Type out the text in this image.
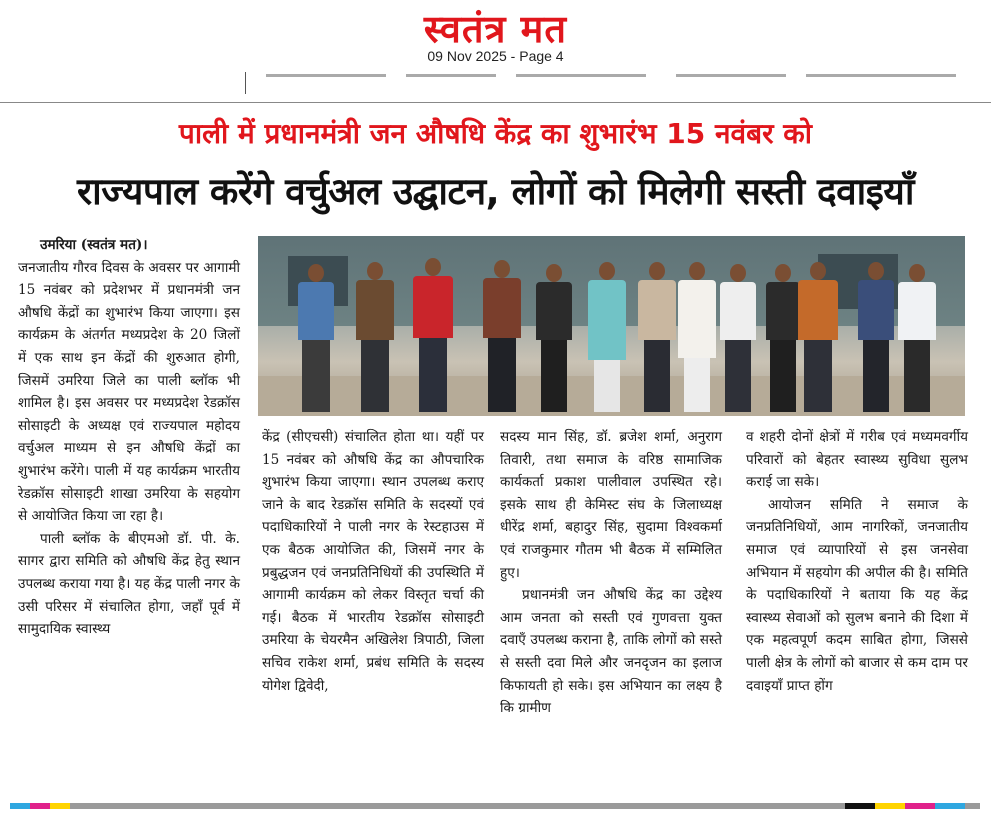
स्वतंत्र मत
09 Nov 2025 - Page 4
पाली में प्रधानमंत्री जन औषधि केंद्र का शुभारंभ 15 नवंबर को
राज्यपाल करेंगे वर्चुअल उद्घाटन, लोगों को मिलेगी सस्ती दवाइयाँ

उमरिया (स्वतंत्र मत)।

जनजातीय गौरव दिवस के अवसर पर आगामी 15 नवंबर को प्रदेशभर में प्रधानमंत्री जन औषधि केंद्रों का शुभारंभ किया जाएगा। इस कार्यक्रम के अंतर्गत मध्यप्रदेश के 20 जिलों में एक साथ इन केंद्रों की शुरुआत होगी, जिसमें उमरिया जिले का पाली ब्लॉक भी शामिल है। इस अवसर पर मध्यप्रदेश रेडक्रॉस सोसाइटी के अध्यक्ष एवं राज्यपाल महोदय वर्चुअल माध्यम से इन औषधि केंद्रों का शुभारंभ करेंगे। पाली में यह कार्यक्रम भारतीय रेडक्रॉस सोसाइटी शाखा उमरिया के सहयोग से आयोजित किया जा रहा है।

पाली ब्लॉक के बीएमओ डॉ. पी. के. सागर द्वारा समिति को औषधि केंद्र हेतु स्थान उपलब्ध कराया गया है। यह केंद्र पाली नगर के उसी परिसर में संचालित होगा, जहाँ पूर्व में सामुदायिक स्वास्थ्य

केंद्र (सीएचसी) संचालित होता था। यहीं पर 15 नवंबर को औषधि केंद्र का औपचारिक शुभारंभ किया जाएगा। स्थान उपलब्ध कराए जाने के बाद रेडक्रॉस समिति के सदस्यों एवं पदाधिकारियों ने पाली नगर के रेस्टहाउस में एक बैठक आयोजित की, जिसमें नगर के प्रबुद्धजन एवं जनप्रतिनिधियों की उपस्थिति में आगामी कार्यक्रम को लेकर विस्तृत चर्चा की गई। बैठक में भारतीय रेडक्रॉस सोसाइटी उमरिया के चेयरमैन अखिलेश त्रिपाठी, जिला सचिव राकेश शर्मा, प्रबंध समिति के सदस्य योगेश द्विवेदी,

सदस्य मान सिंह, डॉ. ब्रजेश शर्मा, अनुराग तिवारी, तथा समाज के वरिष्ठ सामाजिक कार्यकर्ता प्रकाश पालीवाल उपस्थित रहे। इसके साथ ही केमिस्ट संघ के जिलाध्यक्ष धीरेंद्र शर्मा, बहादुर सिंह, सुदामा विश्वकर्मा एवं राजकुमार गौतम भी बैठक में सम्मिलित हुए।

प्रधानमंत्री जन औषधि केंद्र का उद्देश्य आम जनता को सस्ती एवं गुणवत्ता युक्त दवाएँ उपलब्ध कराना है, ताकि लोगों को सस्ते से सस्ती दवा मिले और जनदृजन का इलाज किफायती हो सके। इस अभियान का लक्ष्य है कि ग्रामीण

व शहरी दोनों क्षेत्रों में गरीब एवं मध्यमवर्गीय परिवारों को बेहतर स्वास्थ्य सुविधा सुलभ कराई जा सके।

आयोजन समिति ने समाज के जनप्रतिनिधियों, आम नागरिकों, जनजातीय समाज एवं व्यापारियों से इस जनसेवा अभियान में सहयोग की अपील की है। समिति के पदाधिकारियों ने बताया कि यह केंद्र स्वास्थ्य सेवाओं को सुलभ बनाने की दिशा में एक महत्वपूर्ण कदम साबित होगा, जिससे पाली क्षेत्र के लोगों को बाजार से कम दाम पर दवाइयाँ प्राप्त होंग
